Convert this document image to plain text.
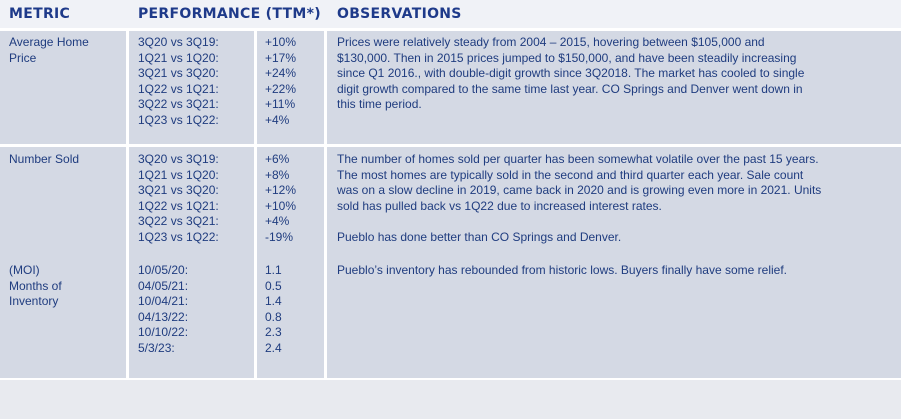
METRIC	PERFORMANCE (TTM*) OBSERVATIONS
Average Home
Price
3Q20 vs 3Q19:
1Q21 vs 1Q20:
3Q21 vs 3Q20:
1Q22 vs 1Q21:
3Q22 vs 3Q21:
1Q23 vs 1Q22:
+10%
+17%
+24%
+22%
+11%
+4%
Prices were relatively steady from 2004 – 2015, hovering between $105,000 and
$130,000. Then in 2015 prices jumped to $150,000, and have been steadily increasing
since Q1 2016., with double-digit growth since 3Q2018. The market has cooled to single
digit growth compared to the same time last year. CO Springs and Denver went down in
this time period.
Number Sold	3Q20 vs 3Q19:
1Q21 vs 1Q20:
3Q21 vs 3Q20:
1Q22 vs 1Q21:
3Q22 vs 3Q21:
1Q23 vs 1Q22:
+6%
+8%
+12%
+10%
+4%
-19%
The number of homes sold per quarter has been somewhat volatile over the past 15 years.
The most homes are typically sold in the second and third quarter each year. Sale count
was on a slow decline in 2019, came back in 2020 and is growing even more in 2021. Units
sold has pulled back vs 1Q22 due to increased interest rates.

Pueblo has done better than CO Springs and Denver.
(MOI)
Months of
Inventory
10/05/20:
04/05/21:
10/04/21:
04/13/22:
10/10/22:
5/3/23:
1.1
0.5
1.4
0.8
2.3
2.4
Pueblo’s inventory has rebounded from historic lows. Buyers finally have some relief.
